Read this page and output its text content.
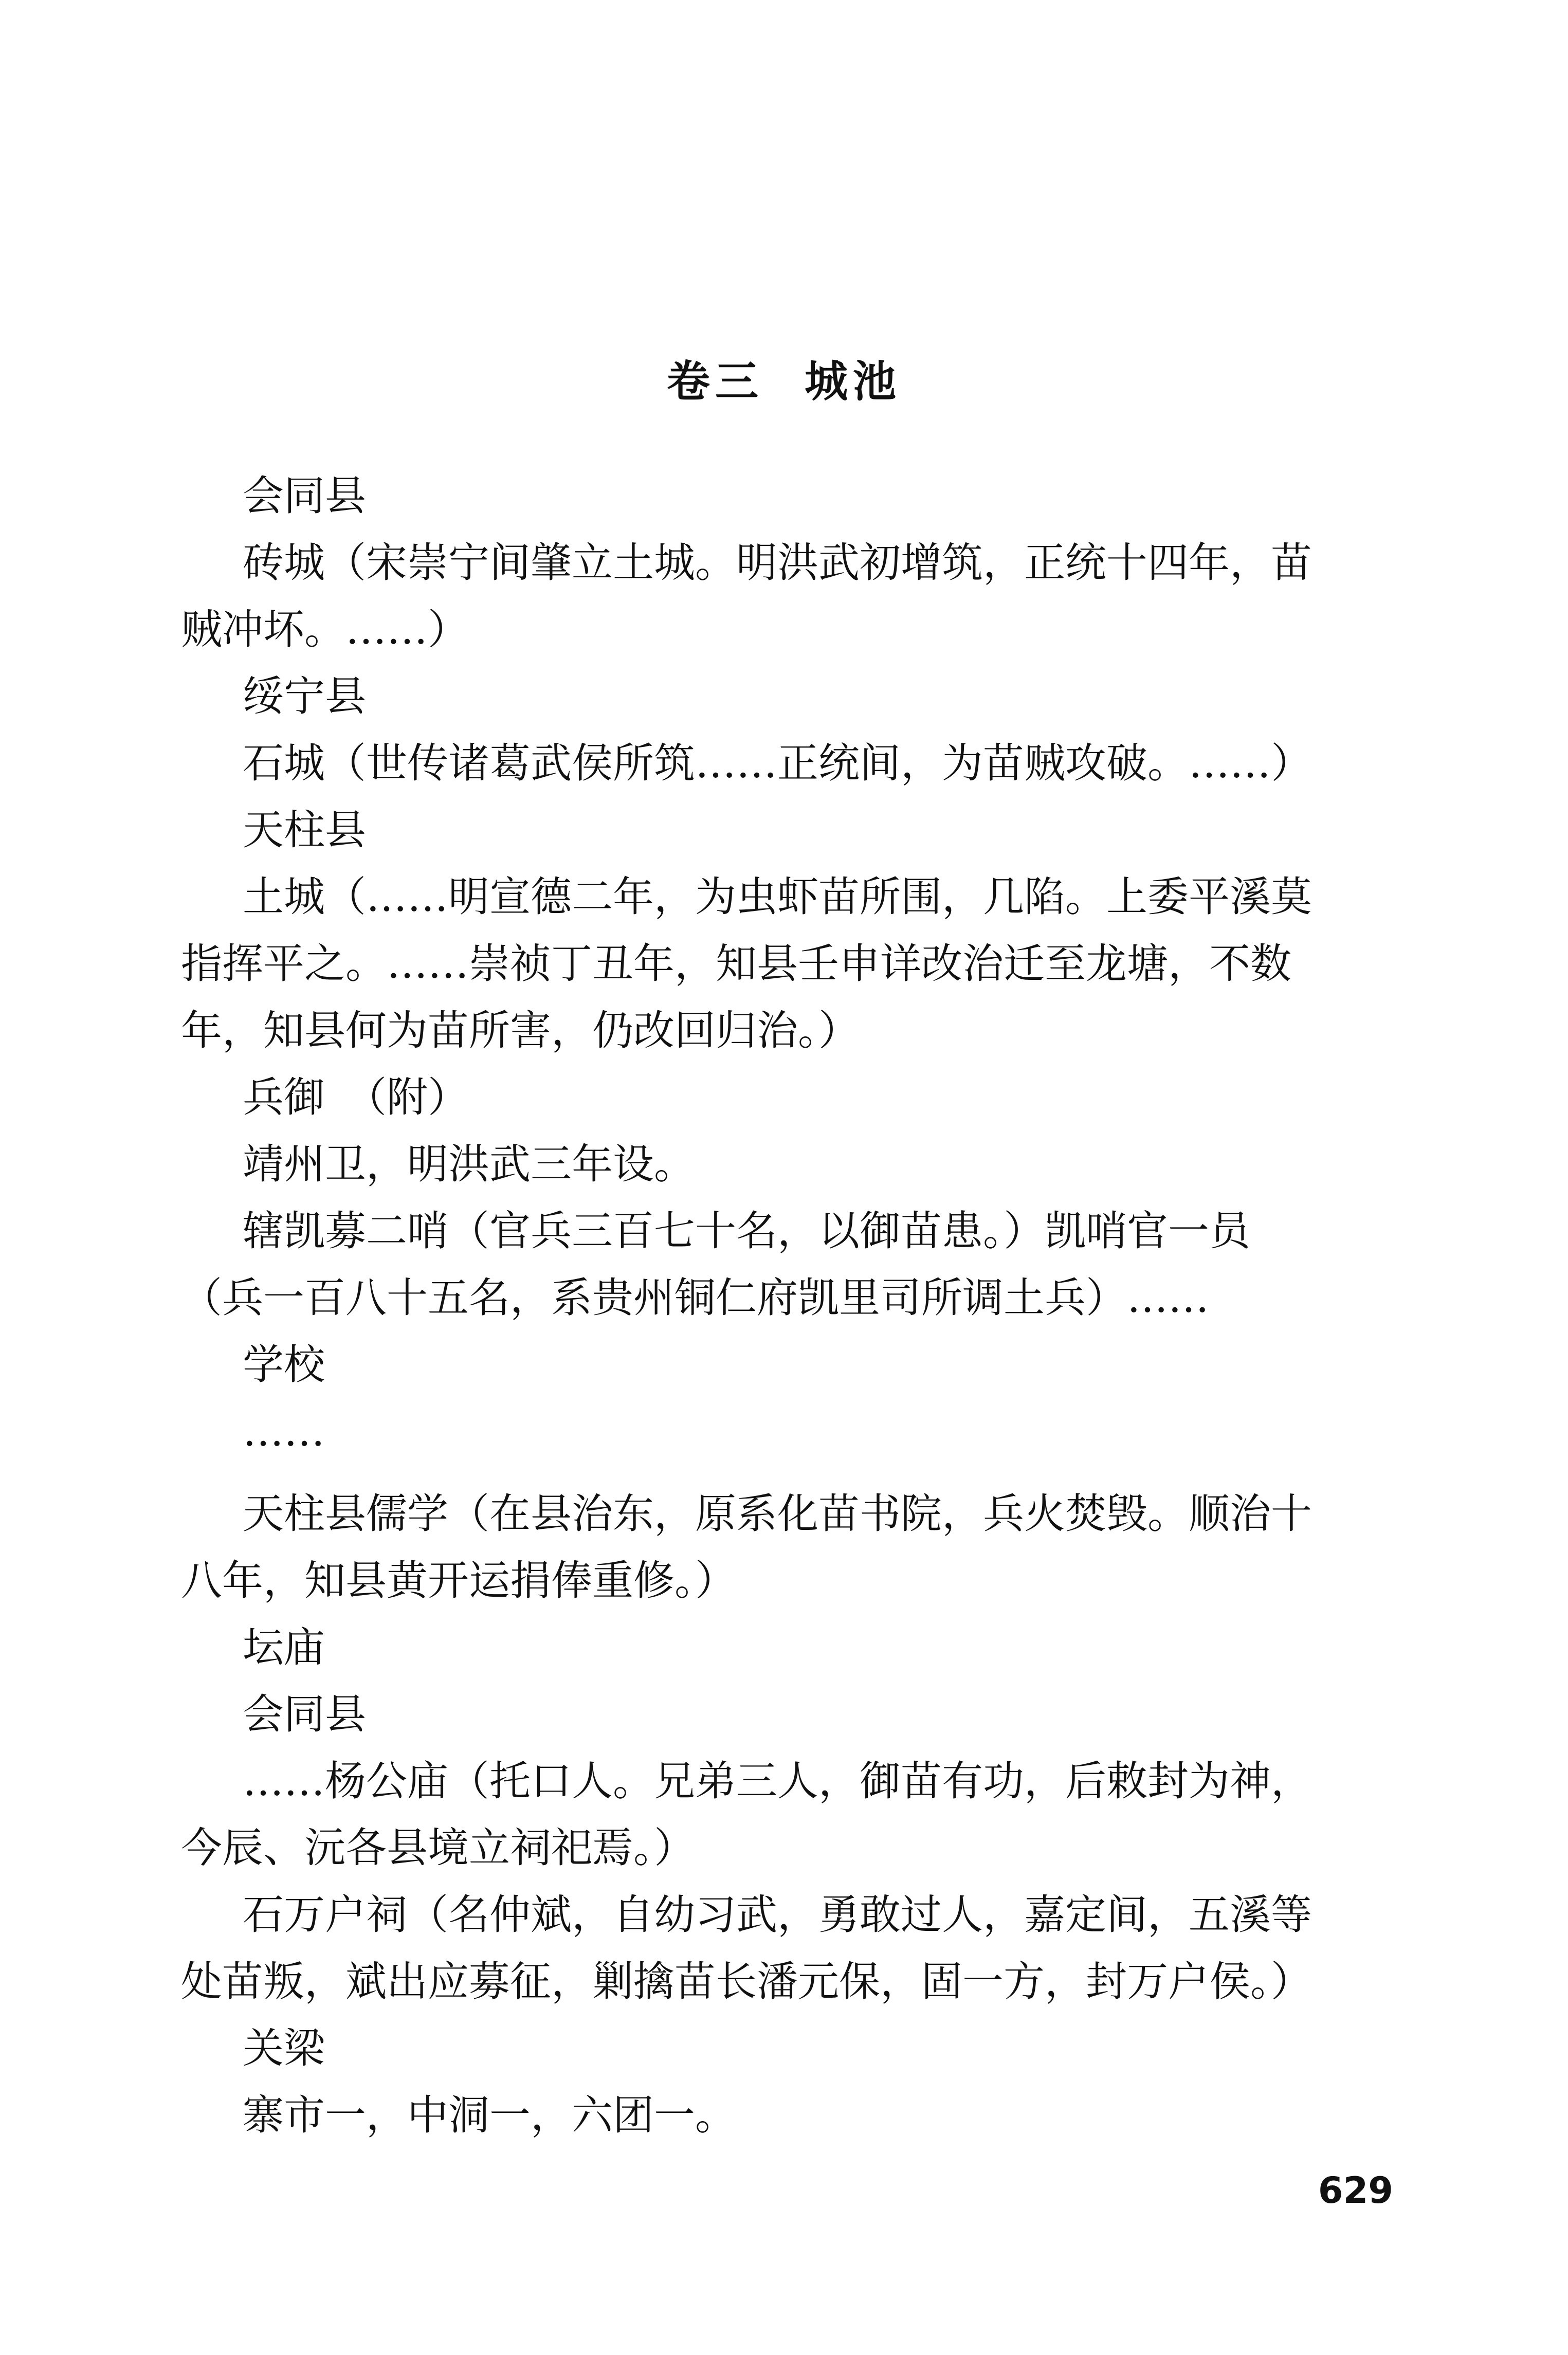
卷三 城池
会同县
砖城（宋崇宁间肇立土城。明洪武初增筑，正统十四年，苗
贼冲坏。……）
绥宁县
石城（世传诸葛武侯所筑……正统间，为苗贼攻破。……）
天柱县
土城（……明宣德二年，为虫虾苗所围，几陷。上委平溪莫
指挥平之。……崇祯丁丑年，知县壬申详改治迁至龙塘，不数
年，知县何为苗所害，仍改回归治。）
兵御　（附）
靖州卫，明洪武三年设。
辖凯募二哨（官兵三百七十名，以御苗患。）凯哨官一员
（兵一百八十五名，系贵州铜仁府凯里司所调土兵）……
学校
……
天柱县儒学（在县治东，原系化苗书院，兵火焚毁。顺治十
八年，知县黄开运捐俸重修。）
坛庙
会同县
……杨公庙（托口人。兄弟三人，御苗有功，后敕封为神，
今辰、沅各县境立祠祀焉。）
石万户祠（名仲斌，自幼习武，勇敢过人，嘉定间，五溪等
处苗叛，斌出应募征，剿擒苗长潘元保，固一方，封万户侯。）
关梁
寨市一，中洞一，六团一。
629
